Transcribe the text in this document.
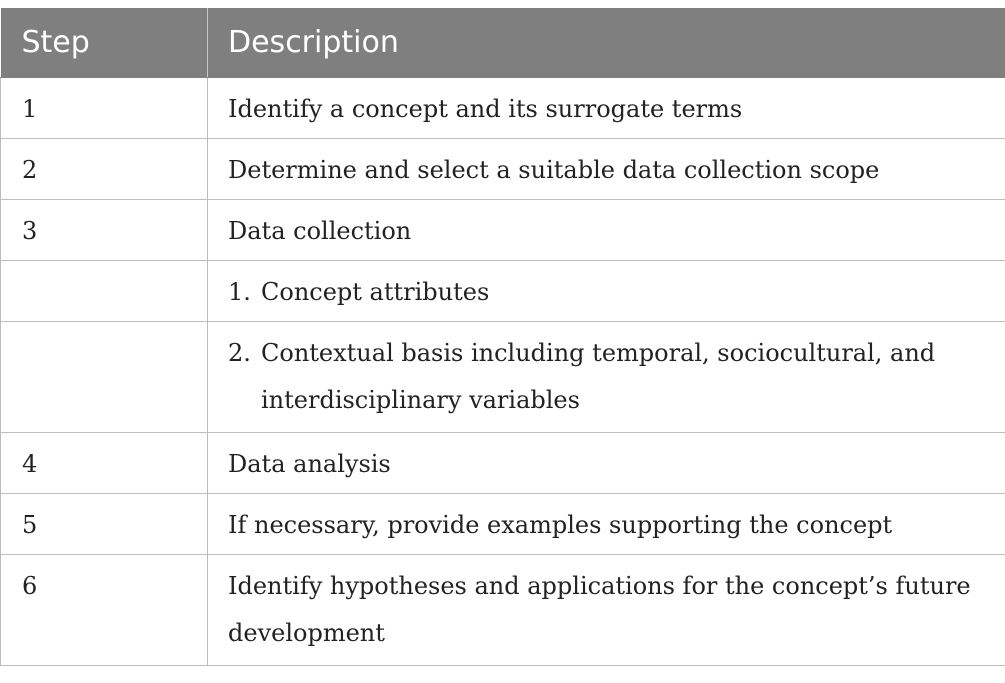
Step	Description
1	Identify a concept and its surrogate terms
2	Determine and select a suitable data collection scope
3	Data collection

	1. Concept attributes

	2. Contextual basis including temporal, sociocultural, and interdisciplinary variables

4	Data analysis
5	If necessary, provide examples supporting the concept
6	Identify hypotheses and applications for the concept’s future development
